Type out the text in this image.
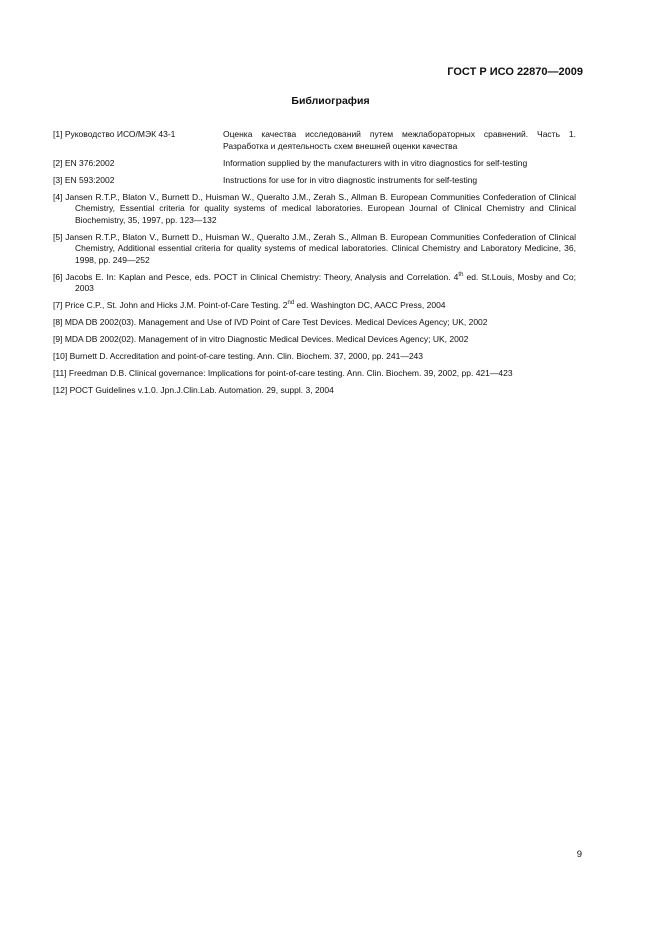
ГОСТ Р ИСО 22870—2009
Библиография
[1] Руководство ИСО/МЭК 43-1	Оценка качества исследований путем межлабораторных сравнений. Часть 1. Разработка и деятельность схем внешней оценки качества
[2] EN 376:2002	Information supplied by the manufacturers with in vitro diagnostics for self-testing
[3] EN 593:2002	Instructions for use for in vitro diagnostic instruments for self-testing
[4] Jansen R.T.P., Blaton V., Burnett D., Huisman W., Queralto J.M., Zerah S., Allman B. European Communities Confederation of Clinical Chemistry, Essential criteria for quality systems of medical laboratories. European Journal of Clinical Chemistry and Clinical Biochemistry, 35, 1997, pp. 123—132
[5] Jansen R.T.P., Blaton V., Burnett D., Huisman W., Queralto J.M., Zerah S., Allman B. European Communities Confederation of Clinical Chemistry, Additional essential criteria for quality systems of medical laboratories. Clinical Chemistry and Laboratory Medicine, 36, 1998, pp. 249—252
[6] Jacobs E. In: Kaplan and Pesce, eds. POCT in Clinical Chemistry: Theory, Analysis and Correlation. 4th ed. St.Louis, Mosby and Co; 2003
[7] Price C.P., St. John and Hicks J.M. Point-of-Care Testing. 2nd ed. Washington DC, AACC Press, 2004
[8] MDA DB 2002(03). Management and Use of IVD Point of Care Test Devices. Medical Devices Agency; UK, 2002
[9] MDA DB 2002(02). Management of in vitro Diagnostic Medical Devices. Medical Devices Agency; UK, 2002
[10] Burnett D. Accreditation and point-of-care testing. Ann. Clin. Biochem. 37, 2000, pp. 241—243
[11] Freedman D.B. Clinical governance: Implications for point-of-care testing. Ann. Clin. Biochem. 39, 2002, pp. 421—423
[12] POCT Guidelines v.1.0. Jpn.J.Clin.Lab. Automation. 29, suppl. 3, 2004
9
